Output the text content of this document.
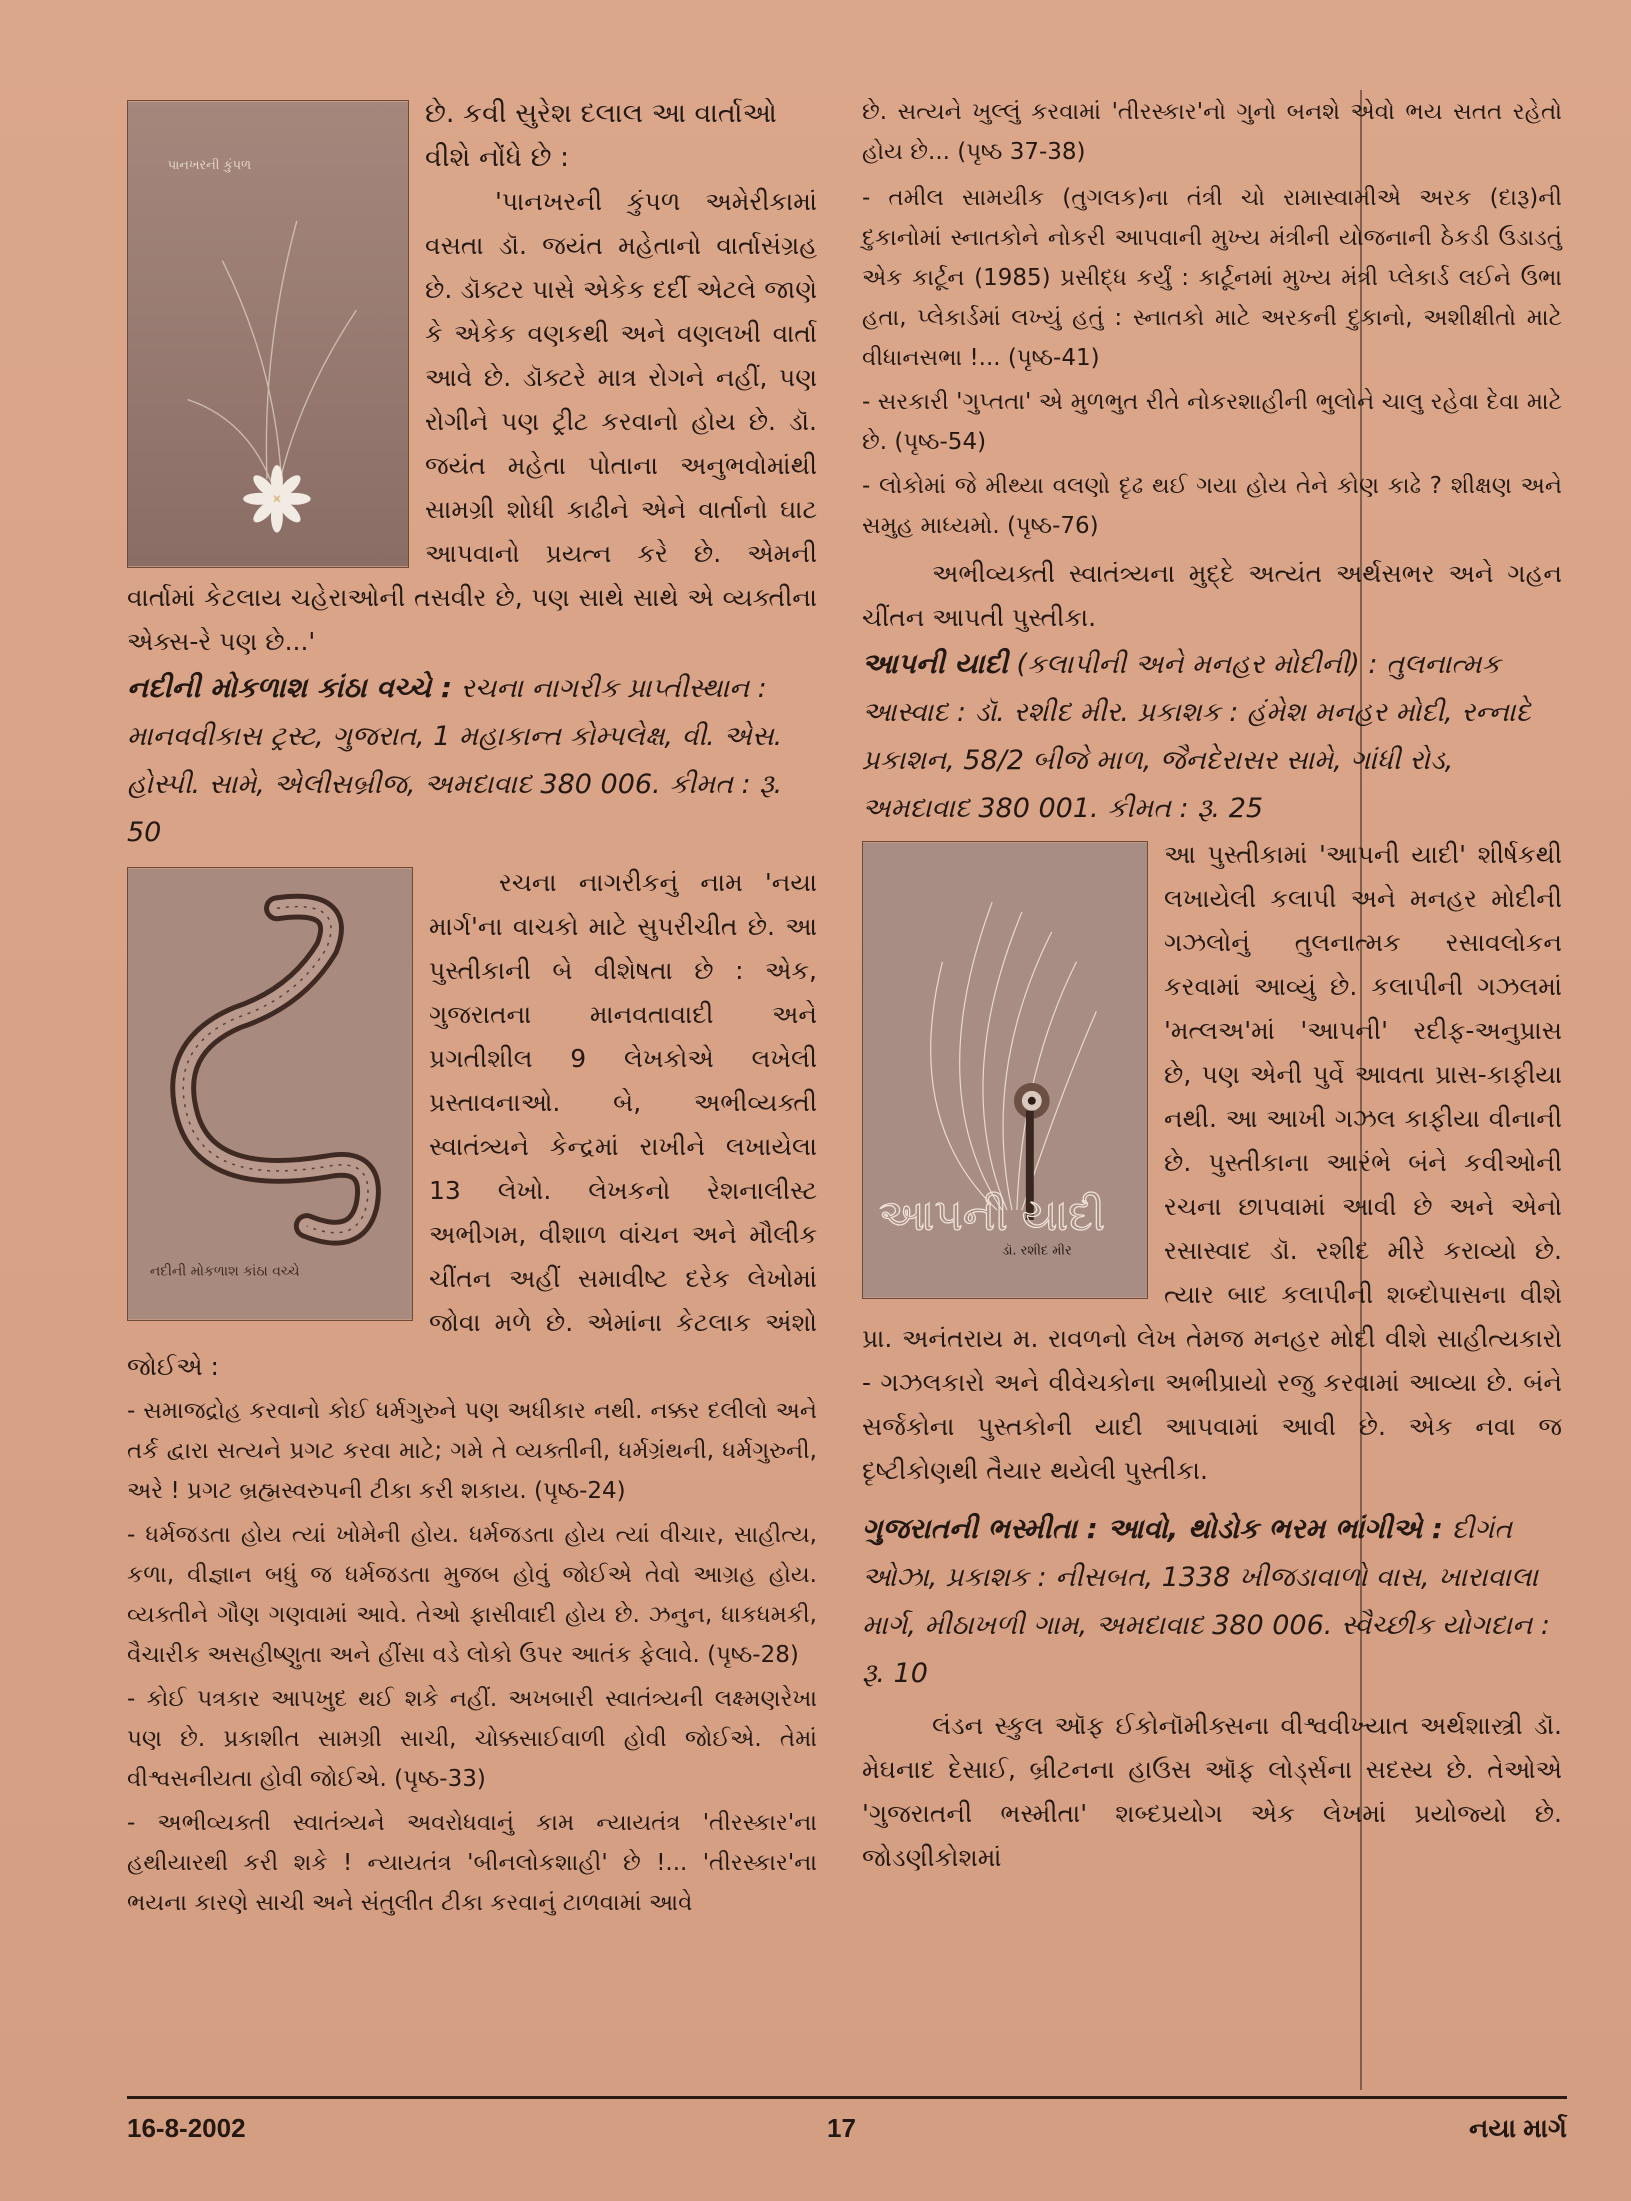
પાનખરની કુંપળ

છે. કવી સુરેશ દલાલ આ વાર્તાઓ વીશે નોંધે છે :

'પાનખરની કુંપળ અમેરીકામાં વસતા ડૉ. જયંત મહેતાનો વાર્તાસંગ્રહ છે. ડૉક્ટર પાસે એકેક દર્દી એટલે જાણે કે એકેક વણકથી અને વણલખી વાર્તા આવે છે. ડૉક્ટરે માત્ર રોગને નહીં, પણ રોગીને પણ ટ્રીટ કરવાનો હોય છે. ડૉ. જયંત મહેતા પોતાના અનુભવોમાંથી સામગ્રી શોધી કાઢીને એને વાર્તાનો ઘાટ આપવાનો પ્રયત્ન કરે છે. એમની વાર્તામાં કેટલાય ચહેરાઓની તસવીર છે, પણ સાથે સાથે એ વ્યક્તીના એક્સ-રે પણ છે...'

નદીની મોકળાશ કાંઠા વચ્ચે : રચના નાગરીક પ્રાપ્તીસ્થાન : માનવવીકાસ ટ્રસ્ટ, ગુજરાત, 1 મહાકાન્ત કોમ્પલેક્ષ, વી. એસ. હોસ્પી. સામે, એલીસબ્રીજ, અમદાવાદ 380 006. કીમત : રૂ. 50

નદીની મોકળાશ કાંઠા વચ્ચે

રચના નાગરીકનું નામ 'નયા માર્ગ'ના વાચકો માટે સુપરીચીત છે. આ પુસ્તીકાની બે વીશેષતા છે : એક, ગુજરાતના માનવતાવાદી અને પ્રગતીશીલ 9 લેખકોએ લખેલી પ્રસ્તાવનાઓ. બે, અભીવ્યક્તી સ્વાતંત્ર્યને કેન્દ્રમાં રાખીને લખાયેલા 13 લેખો. લેખકનો રેશનાલીસ્ટ અભીગમ, વીશાળ વાંચન અને મૌલીક ચીંતન અહીં સમાવીષ્ટ દરેક લેખોમાં જોવા મળે છે. એમાંના કેટલાક અંશો જોઈએ :

- સમાજદ્રોહ કરવાનો કોઈ ધર્મગુરુને પણ અધીકાર નથી. નક્કર દલીલો અને તર્ક દ્વારા સત્યને પ્રગટ કરવા માટે; ગમે તે વ્યક્તીની, ધર્મગ્રંથની, ધર્મગુરુની, અરે ! પ્રગટ બ્રહ્મસ્વરુપની ટીકા કરી શકાય. (પૃષ્ઠ-24)

- ધર્મજડતા હોય ત્યાં ખોમેની હોય. ધર્મજડતા હોય ત્યાં વીચાર, સાહીત્ય, કળા, વીજ્ઞાન બધું જ ધર્મજડતા મુજબ હોવું જોઈએ તેવો આગ્રહ હોય. વ્યક્તીને ગૌણ ગણવામાં આવે. તેઓ ફાસીવાદી હોય છે. ઝનુન, ધાકધમકી, વૈચારીક અસહીષ્ણુતા અને હીંસા વડે લોકો ઉપર આતંક ફેલાવે. (પૃષ્ઠ-28)

- કોઈ પત્રકાર આપખુદ થઈ શકે નહીં. અખબારી સ્વાતંત્ર્યની લક્ષ્મણરેખા પણ છે. પ્રકાશીત સામગ્રી સાચી, ચોક્કસાઈવાળી હોવી જોઈએ. તેમાં વીશ્વસનીયતા હોવી જોઈએ. (પૃષ્ઠ-33)

- અભીવ્યક્તી સ્વાતંત્ર્યને અવરોધવાનું કામ ન્યાયતંત્ર 'તીરસ્કાર'ના હથીયારથી કરી શકે ! ન્યાયતંત્ર 'બીનલોકશાહી' છે !... 'તીરસ્કાર'ના ભયના કારણે સાચી અને સંતુલીત ટીકા કરવાનું ટાળવામાં આવે

છે. સત્યને ખુલ્લું કરવામાં 'તીરસ્કાર'નો ગુનો બનશે એવો ભય સતત રહેતો હોય છે... (પૃષ્ઠ 37-38)

- તમીલ સામયીક (તુગલક)ના તંત્રી ચો રામાસ્વામીએ અરક (દારૂ)ની દુકાનોમાં સ્નાતકોને નોકરી આપવાની મુખ્ય મંત્રીની યોજનાની ઠેકડી ઉડાડતું એક કાર્ટૂન (1985) પ્રસીદ્ધ કર્યું : કાર્ટૂનમાં મુખ્ય મંત્રી પ્લેકાર્ડ લઈને ઉભા હતા, પ્લેકાર્ડમાં લખ્યું હતું : સ્નાતકો માટે અરકની દુકાનો, અશીક્ષીતો માટે વીધાનસભા !... (પૃષ્ઠ-41)

- સરકારી 'ગુપ્તતા' એ મુળભુત રીતે નોકરશાહીની ભુલોને ચાલુ રહેવા દેવા માટે છે. (પૃષ્ઠ-54)

- લોકોમાં જે મીથ્યા વલણો દૃઢ થઈ ગયા હોય તેને કોણ કાઢે ? શીક્ષણ અને સમુહ માધ્યમો. (પૃષ્ઠ-76)

અભીવ્યક્તી સ્વાતંત્ર્યના મુદ્દે અત્યંત અર્થસભર અને ગહન ચીંતન આપતી પુસ્તીકા.

આપની યાદી (કલાપીની અને મનહર મોદીની) : તુલનાત્મક આસ્વાદ : ડૉ. રશીદ મીર. પ્રકાશક : હંમેશ મનહર મોદી, રન્નાદે પ્રકાશન, 58/2 બીજે માળ, જૈનદેરાસર સામે, ગાંધી રોડ, અમદાવાદ 380 001. કીમત : રૂ. 25

આપની યાદી
ડૉ. રશીદ મીર

આ પુસ્તીકામાં 'આપની યાદી' શીર્ષકથી લખાયેલી કલાપી અને મનહર મોદીની ગઝલોનું તુલનાત્મક રસાવલોકન કરવામાં આવ્યું છે. કલાપીની ગઝલમાં 'મત્લઅ'માં 'આપની' રદીફ-અનુપ્રાસ છે, પણ એની પુર્વે આવતા પ્રાસ-કાફીયા નથી. આ આખી ગઝલ કાફીયા વીનાની છે. પુસ્તીકાના આરંભે બંને કવીઓની રચના છાપવામાં આવી છે અને એનો રસાસ્વાદ ડૉ. રશીદ મીરે કરાવ્યો છે. ત્યાર બાદ કલાપીની શબ્દોપાસના વીશે પ્રા. અનંતરાય મ. રાવળનો લેખ તેમજ મનહર મોદી વીશે સાહીત્યકારો - ગઝલકારો અને વીવેચકોના અભીપ્રાયો રજુ કરવામાં આવ્યા છે. બંને સર્જકોના પુસ્તકોની યાદી આપવામાં આવી છે. એક નવા જ દૃષ્ટીકોણથી તૈયાર થયેલી પુસ્તીકા.

ગુજરાતની ભસ્મીતા : આવો, થોડોક ભરમ ભાંગીએ : દીગંત ઓઝા, પ્રકાશક : નીસબત, 1338 ખીજડાવાળો વાસ, ખારાવાલા માર્ગ, મીઠાખળી ગામ, અમદાવાદ 380 006. સ્વૈચ્છીક યોગદાન : રૂ. 10

લંડન સ્કુલ ઑફ ઈકોનૉમીક્સના વીશ્વવીખ્યાત અર્થશાસ્ત્રી ડૉ. મેઘનાદ દેસાઈ, બ્રીટનના હાઉસ ઑફ લોર્ડ્સના સદસ્ય છે. તેઓએ 'ગુજરાતની ભસ્મીતા' શબ્દપ્રયોગ એક લેખમાં પ્રયોજ્યો છે. જોડણીકોશમાં

16-8-2002	17	નયા માર્ગ
